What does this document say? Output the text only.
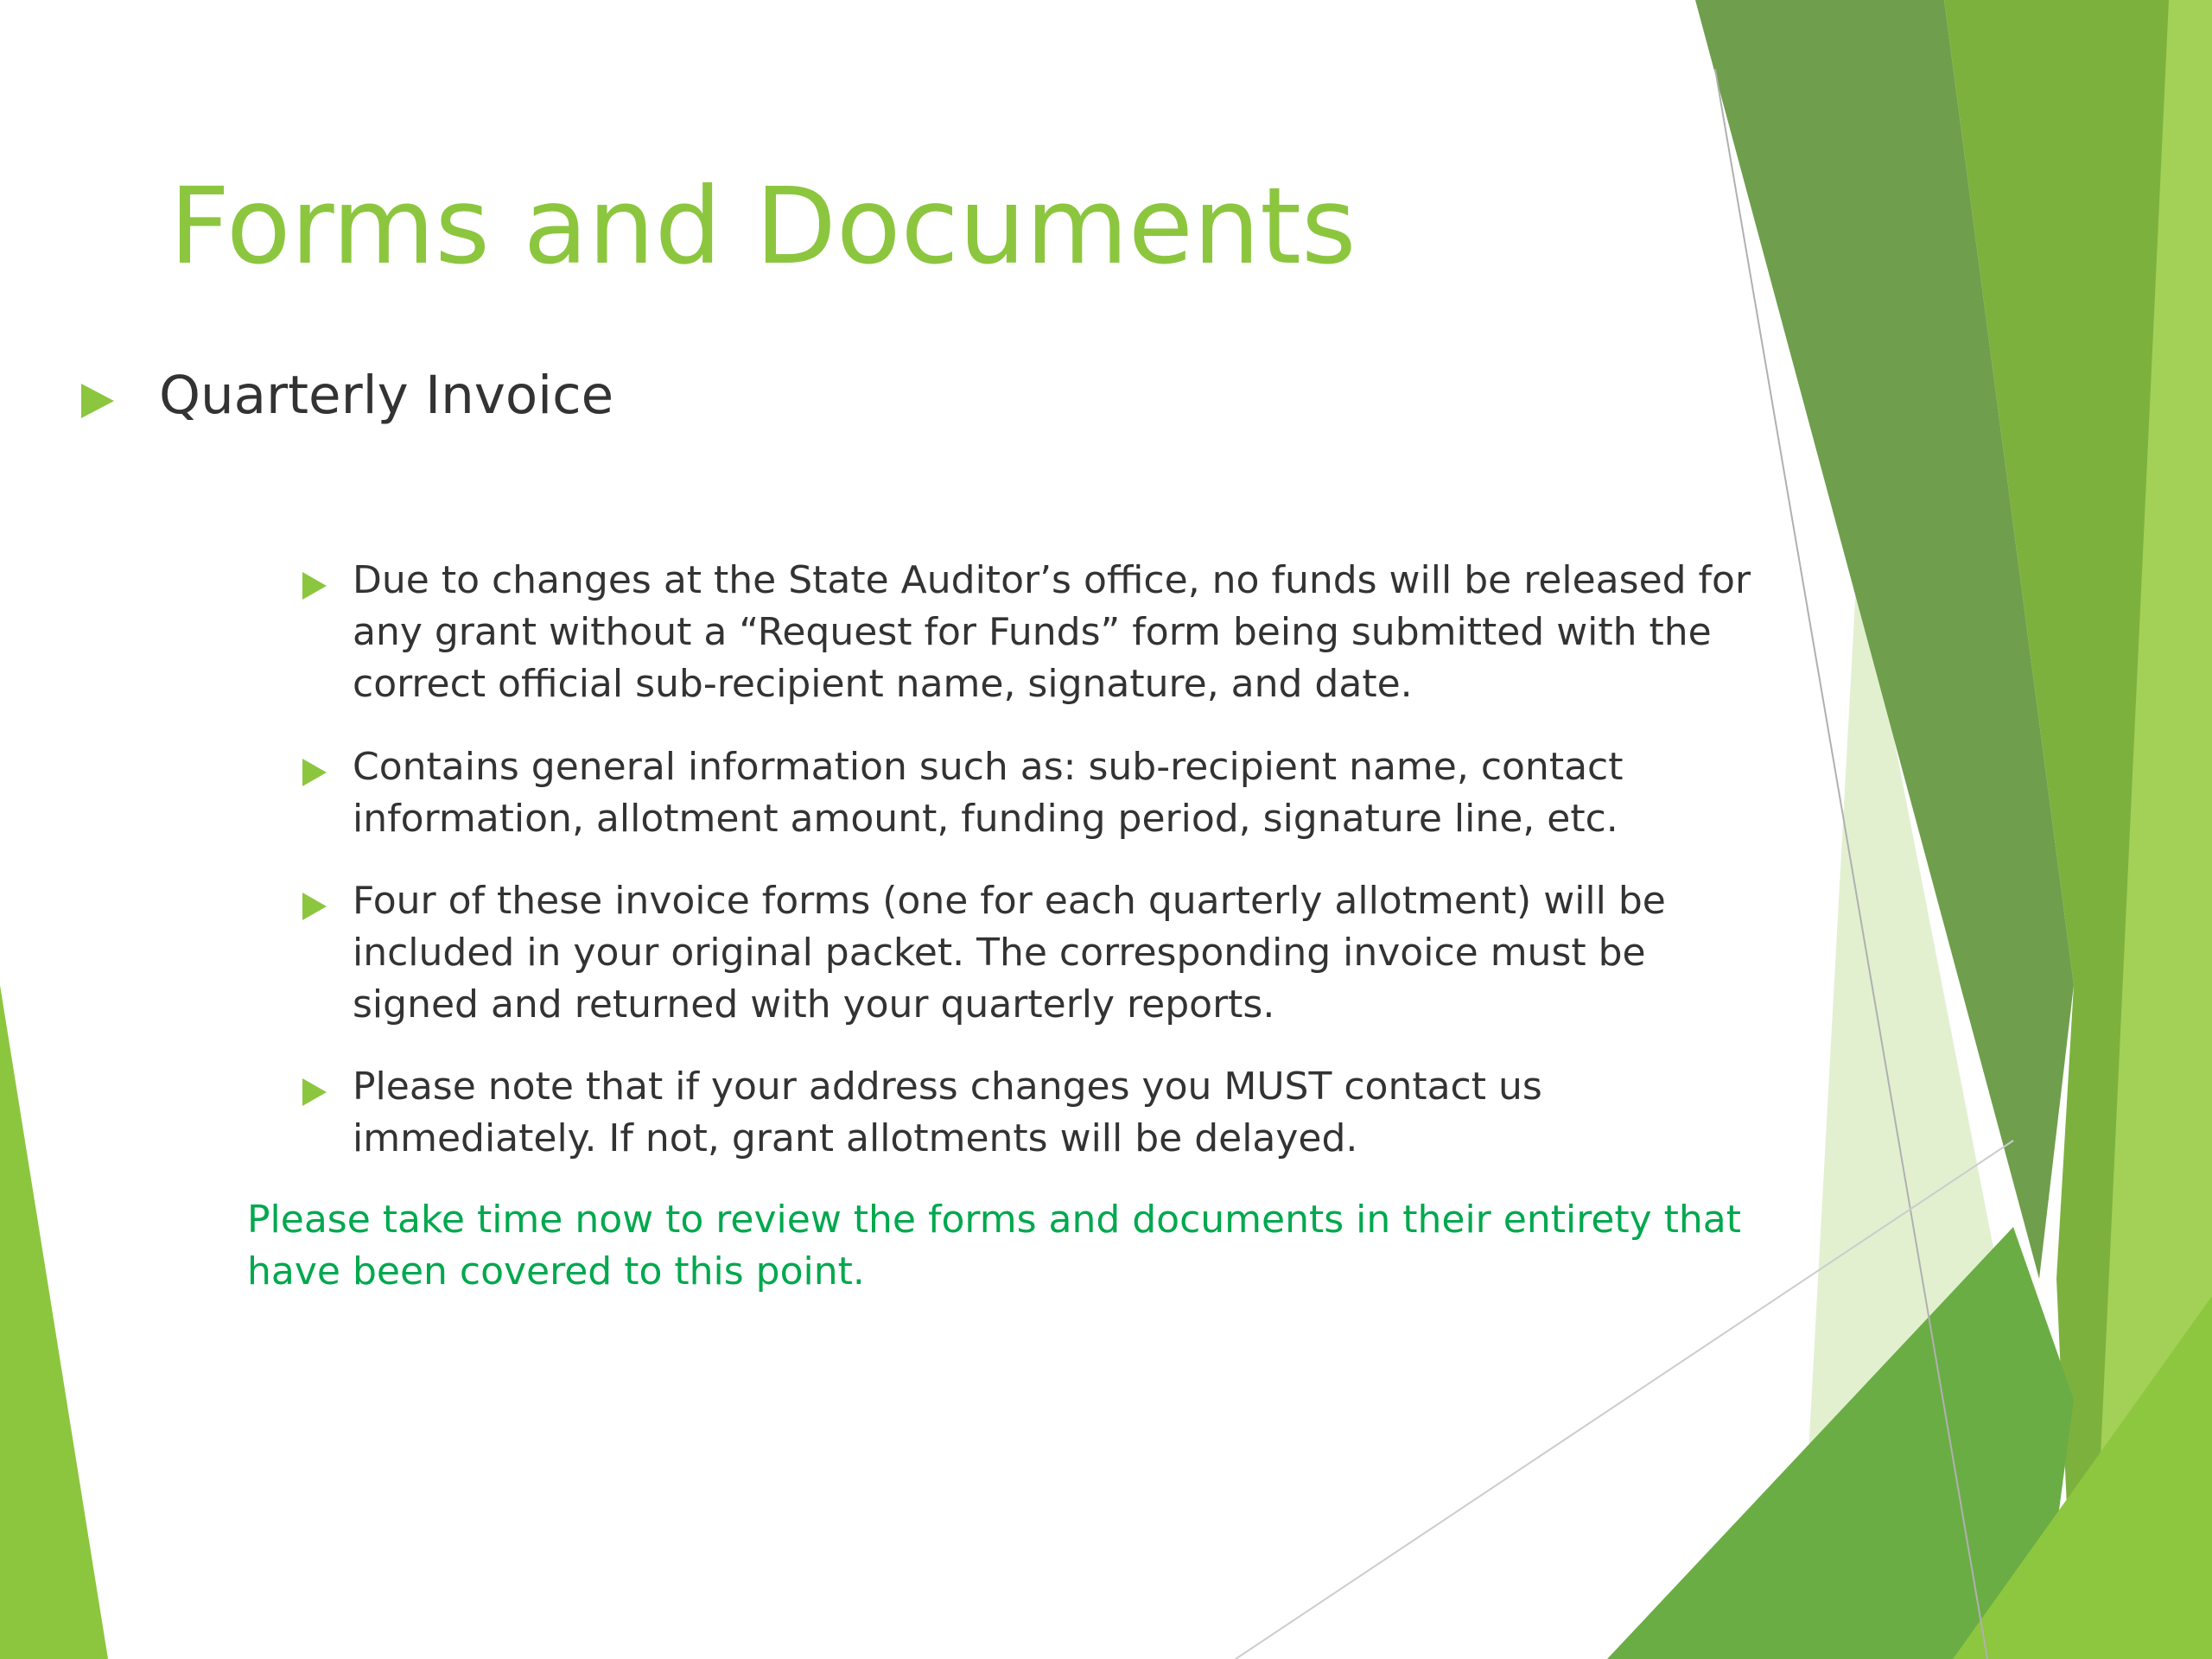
Forms and Documents
Quarterly Invoice
Due to changes at the State Auditor’s office, no funds will be released for any grant without a “Request for Funds” form being submitted with the correct official sub-recipient name, signature, and date.
Contains general information such as: sub-recipient name, contact information, allotment amount, funding period, signature line, etc.
Four of these invoice forms (one for each quarterly allotment) will be included in your original packet. The corresponding invoice must be signed and returned with your quarterly reports.
Please note that if your address changes you MUST contact us immediately. If not, grant allotments will be delayed.
Please take time now to review the forms and documents in their entirety that have been covered to this point.
